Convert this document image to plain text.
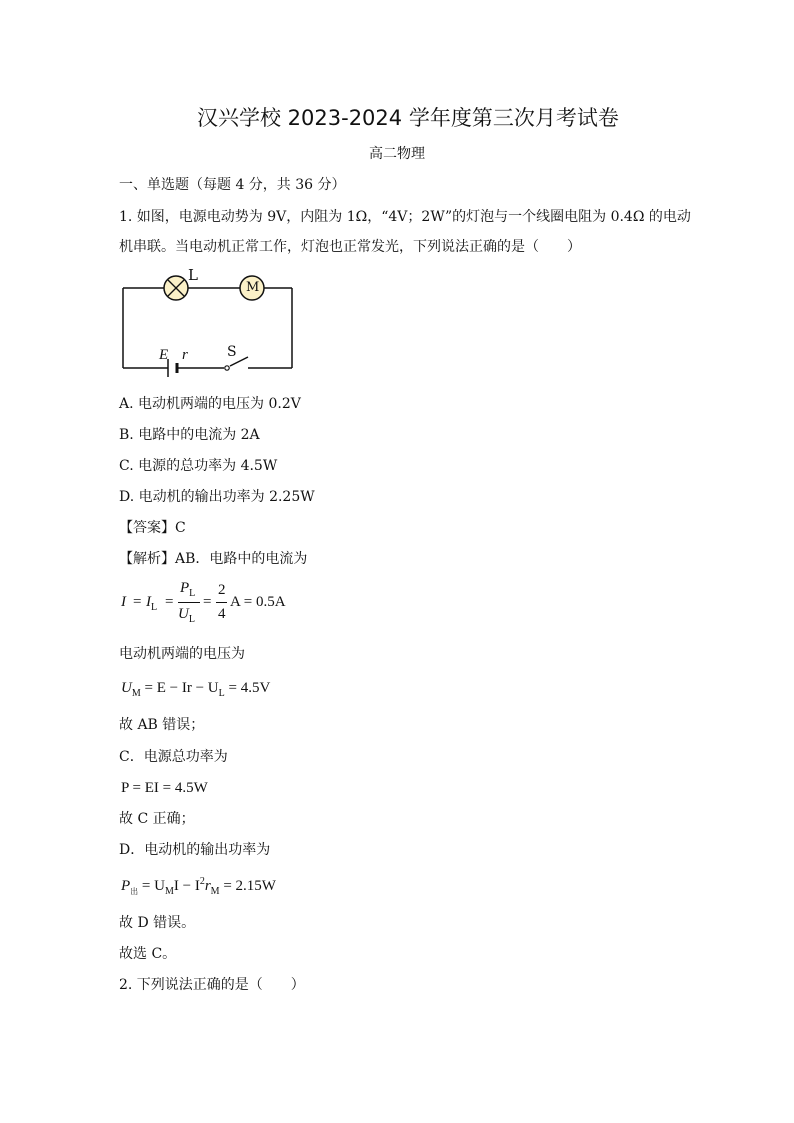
汉兴学校 2023-2024 学年度第三次月考试卷
高二物理
一、单选题（每题 4 分，共 36 分）
1. 如图，电源电动势为 9V，内阻为 1Ω，“4V；2W”的灯泡与一个线圈电阻为 0.4Ω 的电动
机串联。当电动机正常工作，灯泡也正常发光，下列说法正确的是（　　）
L
M
E r	S
A. 电动机两端的电压为 0.2V
B. 电路中的电流为 2A
C. 电源的总功率为 4.5W
D. 电动机的输出功率为 2.25W
【答案】C
【解析】AB．电路中的电流为
$I = I_L$ =
$P_L$
$U_L$
=
2
4
A = 0.5A
电动机两端的电压为
$U_M = E - Ir - U_L = 4.5V$
故 AB 错误；
C．电源总功率为
P = EI = 4.5W
故 C 正确；
D．电动机的输出功率为
$P_出 = U_MI - I^2r_M = 2.15W$
故 D 错误。
故选 C。
2. 下列说法正确的是（　　）
